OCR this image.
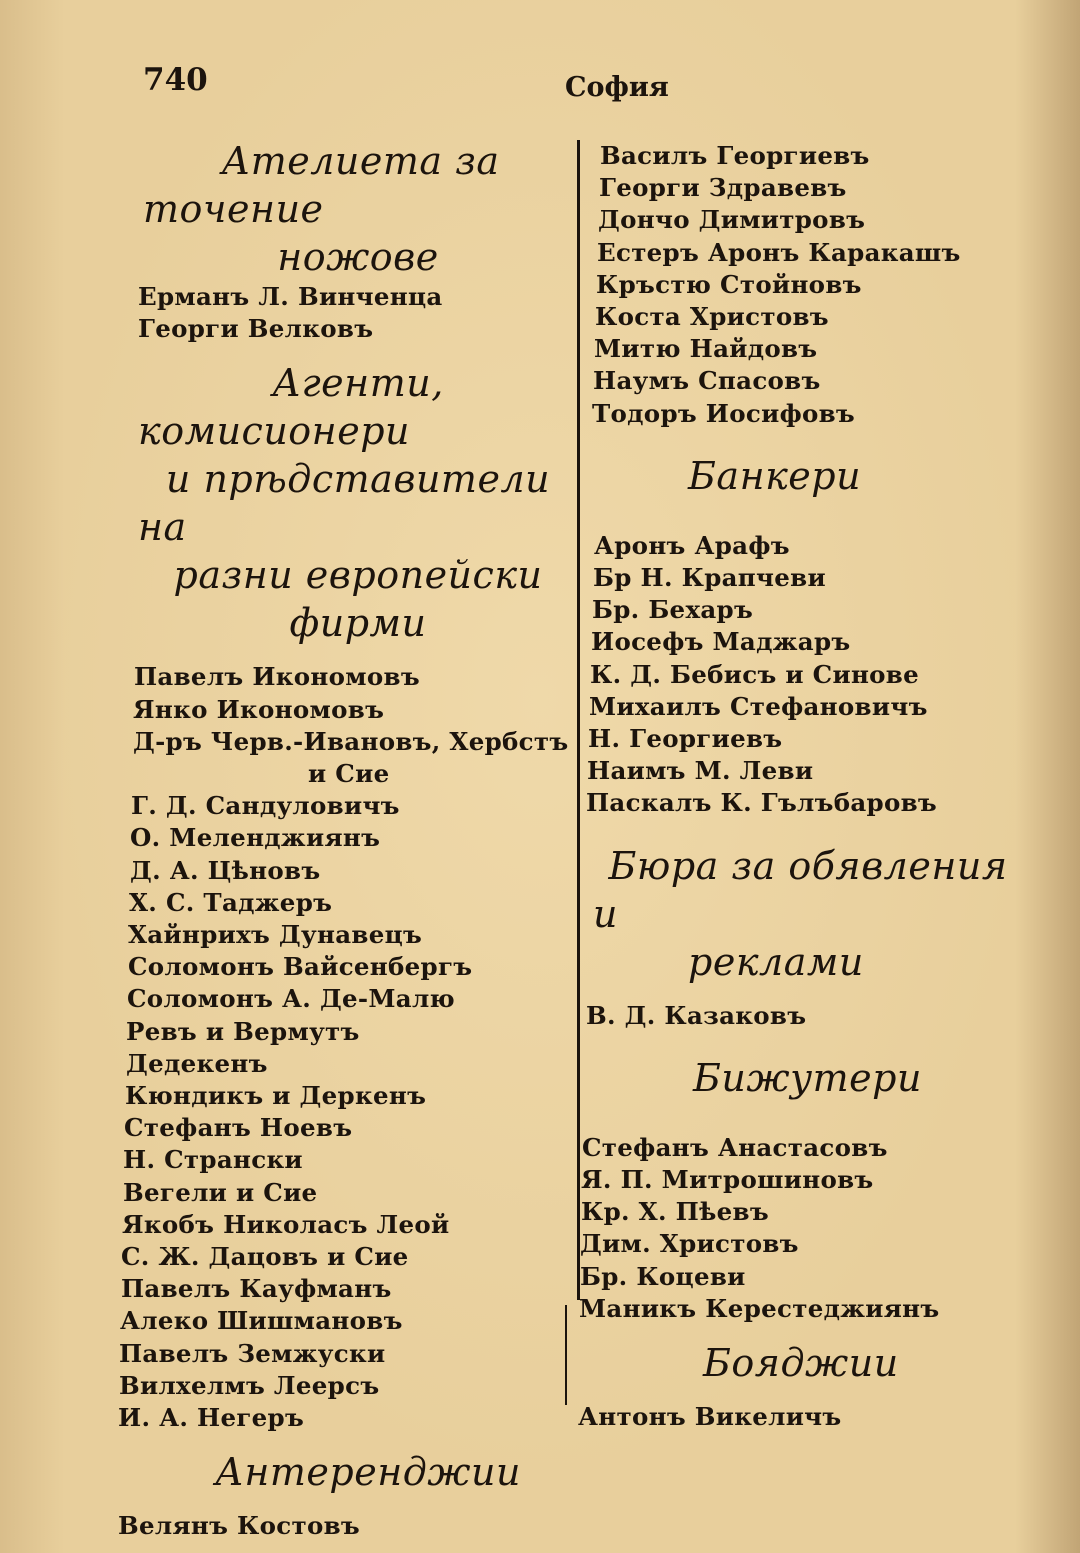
740	София
Ателиета за точение
ножове
Ерманъ Л. Винченца
Георги Велковъ
Агенти, комисионери
и прѣдставители на
разни европейски
фирми
Павелъ Икономовъ
Янко Икономовъ
Д-ръ Черв.-Ивановъ, Хербстъ
и Сие
Г. Д. Сандуловичъ
О. Меленджиянъ
Д. А. Цѣновъ
Х. С. Таджеръ
Хайнрихъ Дунавецъ
Соломонъ Вайсенбергъ
Соломонъ А. Де-Малю
Ревъ и Вермутъ
Дедекенъ
Кюндикъ и Деркенъ
Стефанъ Ноевъ
Н. Странски
Вегели и Сие
Якобъ Николасъ Леой
С. Ж. Дацовъ и Сие
Павелъ Кауфманъ
Алеко Шишмановъ
Павелъ Земжуски
Вилхелмъ Леерсъ
И. А. Негеръ
Антеренджии
Велянъ Костовъ
Василъ Георгиевъ
Георги Здравевъ
Дончо Димитровъ
Естеръ Аронъ Каракашъ
Кръстю Стойновъ
Коста Христовъ
Митю Найдовъ
Наумъ Спасовъ
Тодоръ Иосифовъ
Банкери
Аронъ Арафъ
Бр Н. Крапчеви
Бр. Бехаръ
Иосефъ Маджаръ
К. Д. Бебисъ и Синове
Михаилъ Стефановичъ
Н. Георгиевъ
Наимъ М. Леви
Паскалъ К. Гълъбаровъ
Бюра за обявления и
реклами
В. Д. Казаковъ
Бижутери
Стефанъ Анастасовъ
Я. П. Митрошиновъ
Кр. Х. Пѣевъ
Дим. Христовъ
Бр. Коцеви
Маникъ Керестеджиянъ
Бояджии
Антонъ Викеличъ
